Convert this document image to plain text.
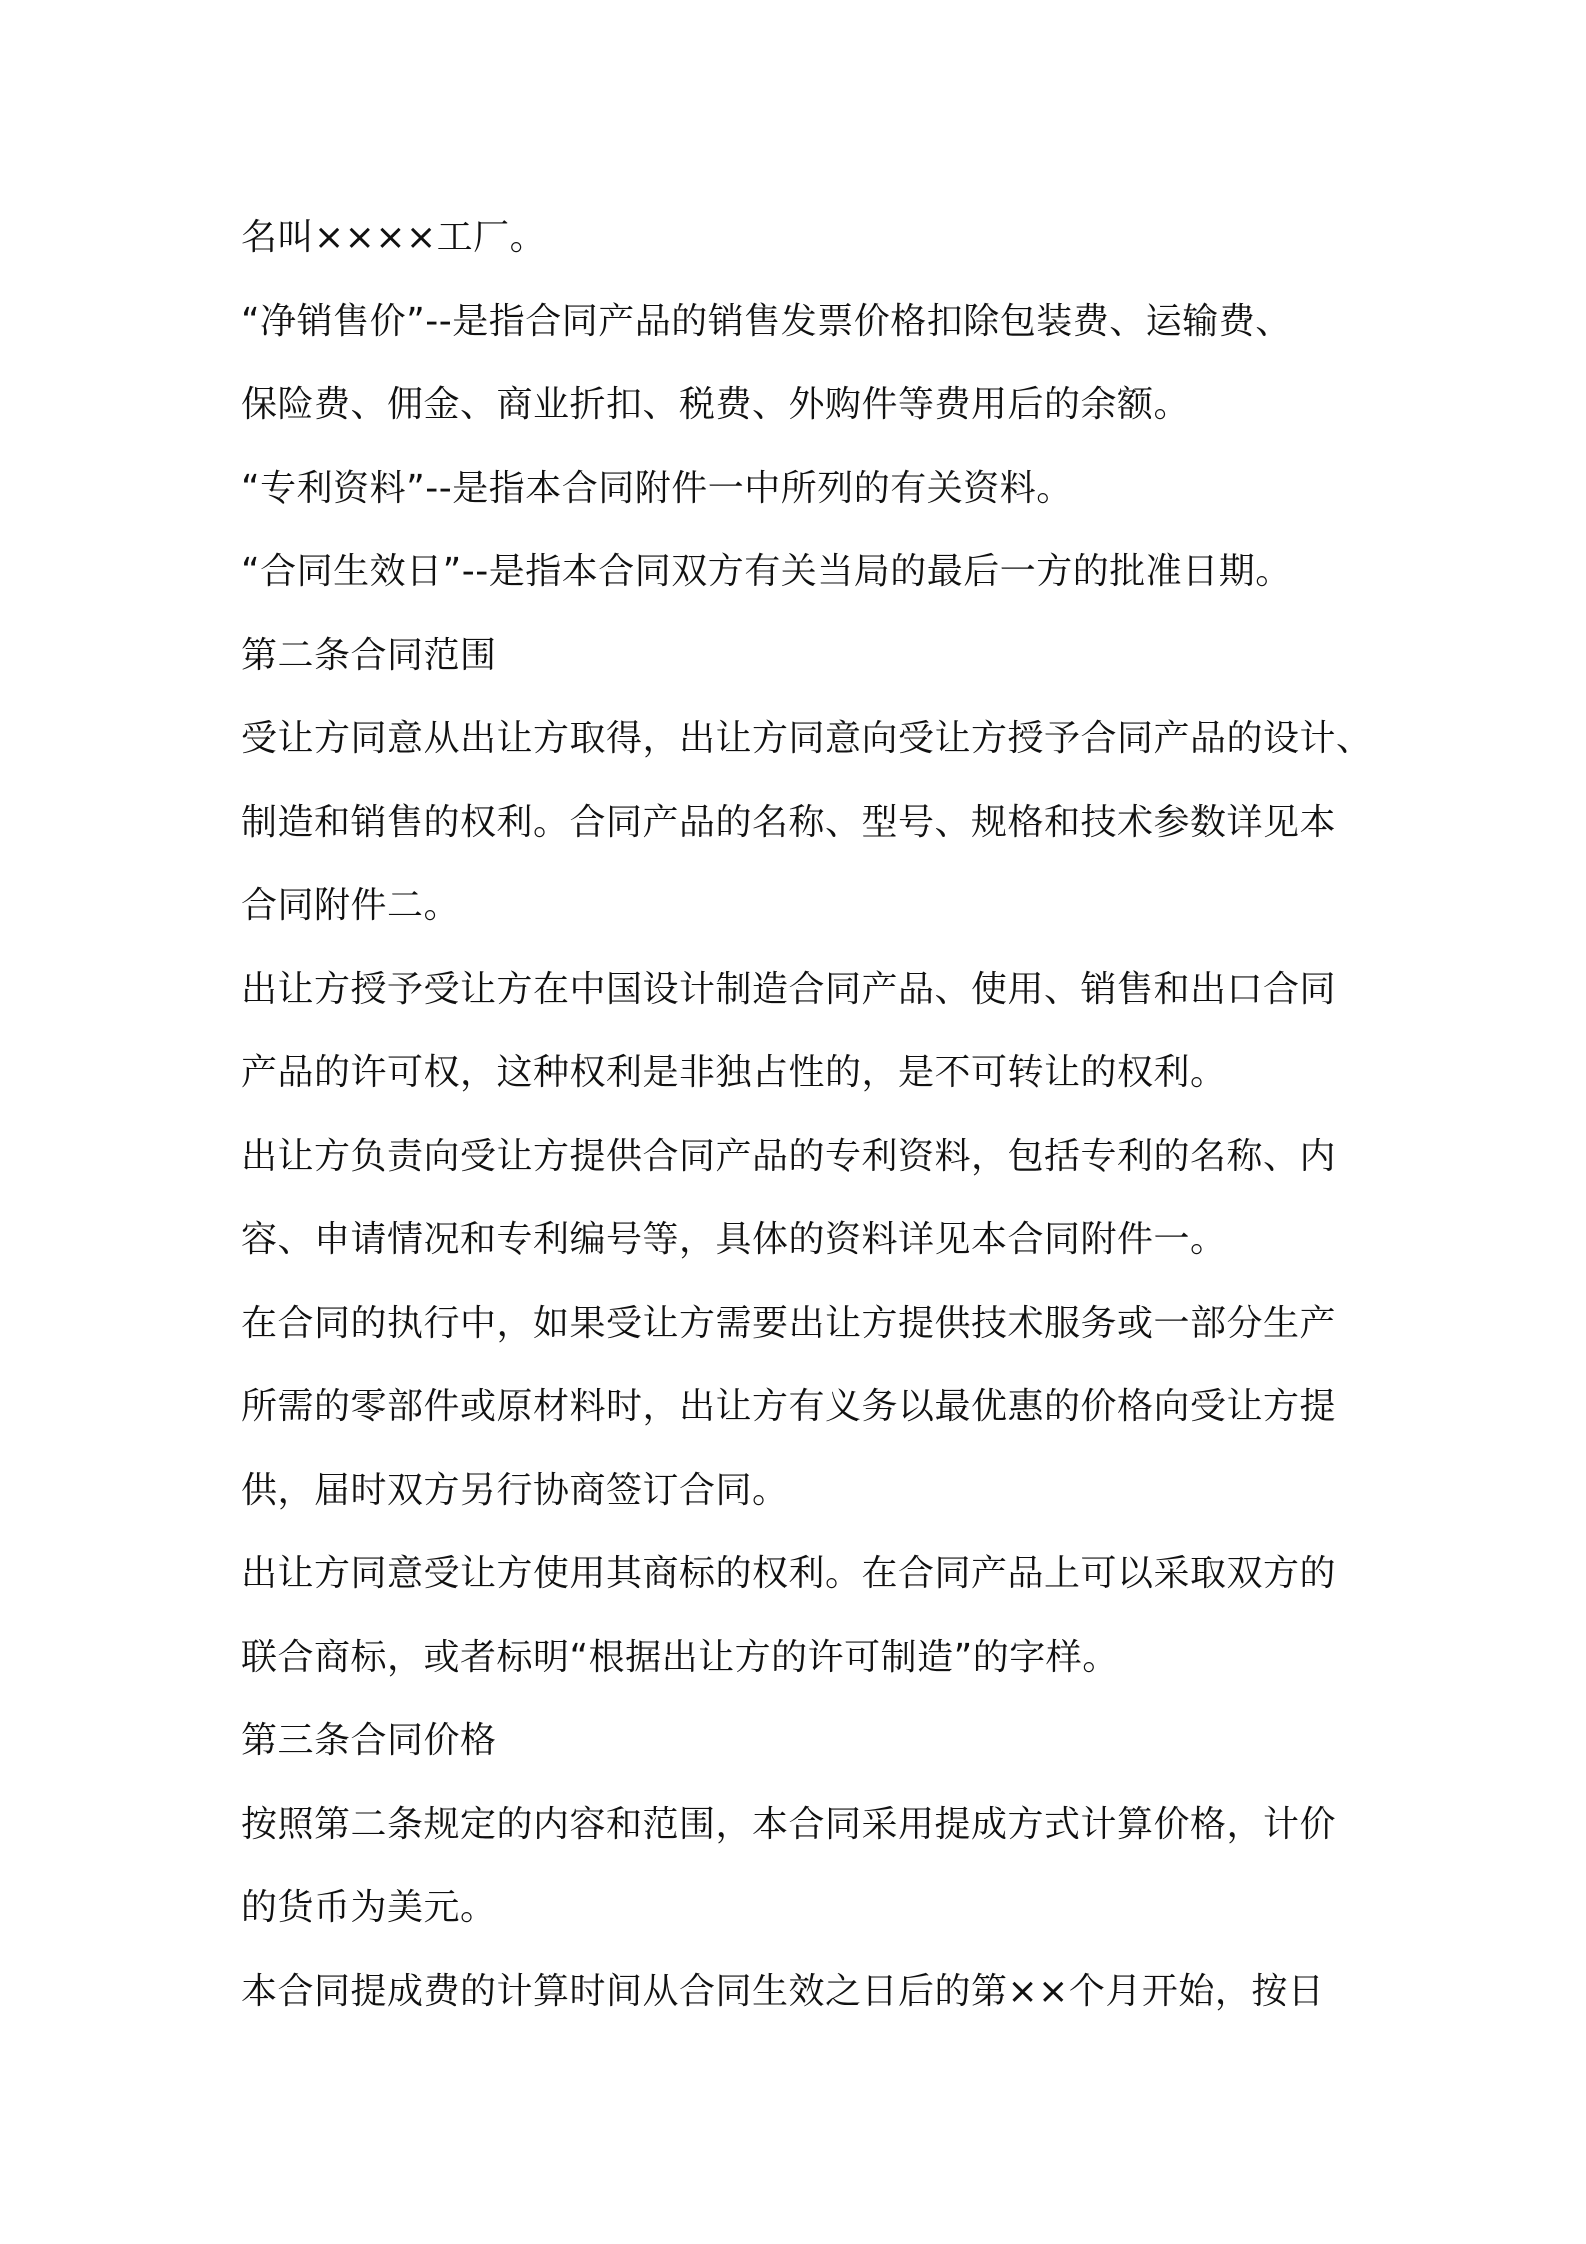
名叫××××工厂。
“净销售价”--是指合同产品的销售发票价格扣除包装费、运输费、
保险费、佣金、商业折扣、税费、外购件等费用后的余额。
“专利资料”--是指本合同附件一中所列的有关资料。
“合同生效日”--是指本合同双方有关当局的最后一方的批准日期。
第二条合同范围
受让方同意从出让方取得，出让方同意向受让方授予合同产品的设计、
制造和销售的权利。合同产品的名称、型号、规格和技术参数详见本
合同附件二。
出让方授予受让方在中国设计制造合同产品、使用、销售和出口合同
产品的许可权，这种权利是非独占性的，是不可转让的权利。
出让方负责向受让方提供合同产品的专利资料，包括专利的名称、内
容、申请情况和专利编号等，具体的资料详见本合同附件一。
在合同的执行中，如果受让方需要出让方提供技术服务或一部分生产
所需的零部件或原材料时，出让方有义务以最优惠的价格向受让方提
供，届时双方另行协商签订合同。
出让方同意受让方使用其商标的权利。在合同产品上可以采取双方的
联合商标，或者标明“根据出让方的许可制造”的字样。
第三条合同价格
按照第二条规定的内容和范围，本合同采用提成方式计算价格，计价
的货币为美元。
本合同提成费的计算时间从合同生效之日后的第××个月开始，按日
